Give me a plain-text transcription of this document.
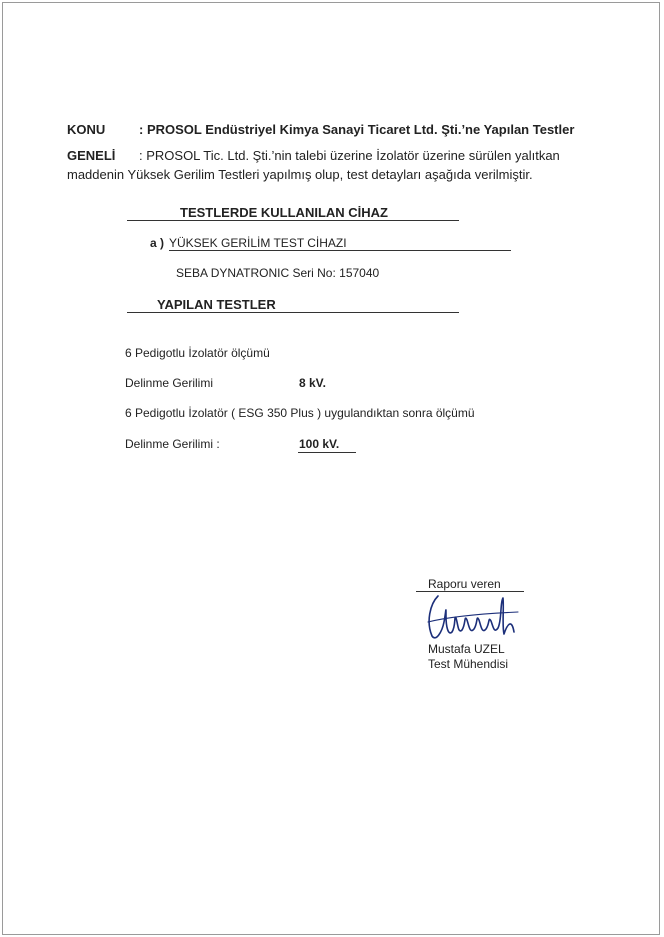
KONU	: PROSOL Endüstriyel Kimya Sanayi Ticaret Ltd. Şti.’ne Yapılan Testler
GENELİ : PROSOL Tic. Ltd. Şti.’nin talebi üzerine İzolatör üzerine sürülen yalıtkan
maddenin Yüksek Gerilim Testleri yapılmış olup, test detayları aşağıda verilmiştir.
TESTLERDE KULLANILAN CİHAZ
a ) YÜKSEK GERİLİM TEST CİHAZI
SEBA DYNATRONIC Seri No: 157040
YAPILAN TESTLER
6 Pedigotlu İzolatör ölçümü
Delinme Gerilimi	8 kV.
6 Pedigotlu İzolatör ( ESG 350 Plus ) uygulandıktan sonra ölçümü
Delinme Gerilimi :	100 kV.
Raporu veren
Mustafa UZEL
Test Mühendisi
